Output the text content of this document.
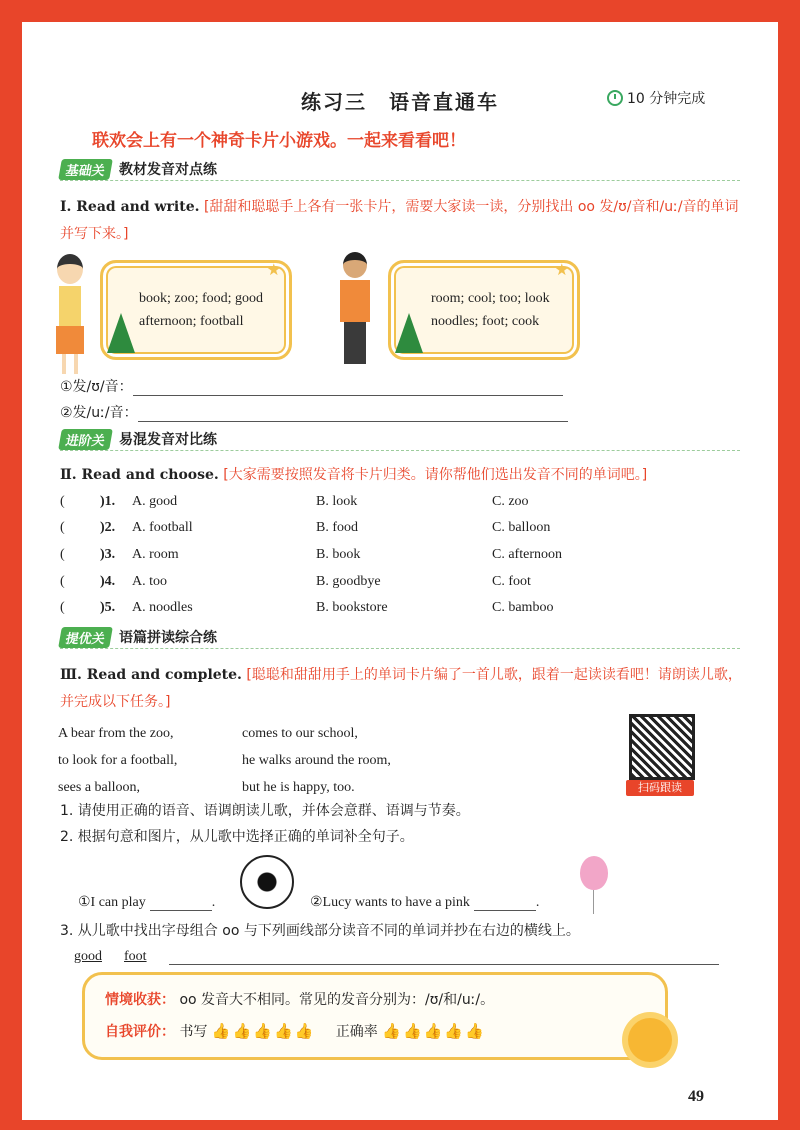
练习三　语音直通车	10 分钟完成
联欢会上有一个神奇卡片小游戏。一起来看看吧！
基础关 教材发音对点练
Ⅰ. Read and write. [甜甜和聪聪手上各有一张卡片，需要大家读一读，分别找出 oo 发/ʊ/音和/uː/音的单词并写下来。]
book; zoo; food; good
afternoon; football
★
room; cool; too; look
noodles; foot; cook
★
①发/ʊ/音：
②发/uː/音：
进阶关 易混发音对比练
Ⅱ. Read and choose. [大家需要按照发音将卡片归类。请你帮他们选出发音不同的单词吧。]
(	)1. A. good	B. look	C. zoo
(	)2. A. football	B. food	C. balloon
(	)3. A. room	B. book	C. afternoon
(	)4. A. too	B. goodbye	C. foot
(	)5. A. noodles	B. bookstore	C. bamboo
提优关 语篇拼读综合练
Ⅲ. Read and complete. [聪聪和甜甜用手上的单词卡片编了一首儿歌，跟着一起读读看吧！请朗读儿歌，并完成以下任务。]
A bear from the zoo,
to look for a football,
sees a balloon,
comes to our school,
he walks around the room,
but he is happy, too.	扫码跟读
1. 请使用正确的语音、语调朗读儿歌，并体会意群、语调与节奏。
2. 根据句意和图片，从儿歌中选择正确的单词补全句子。
①I can play	.	②Lucy wants to have a pink	.
3. 从儿歌中找出字母组合 oo 与下列画线部分读音不同的单词并抄在右边的横线上。
good foot
情境收获： oo 发音大不相同。常见的发音分别为：/ʊ/和/uː/。
自我评价： 书写 👍 👍 👍 👍 👍 正确率 👍 👍 👍 👍 👍
49
